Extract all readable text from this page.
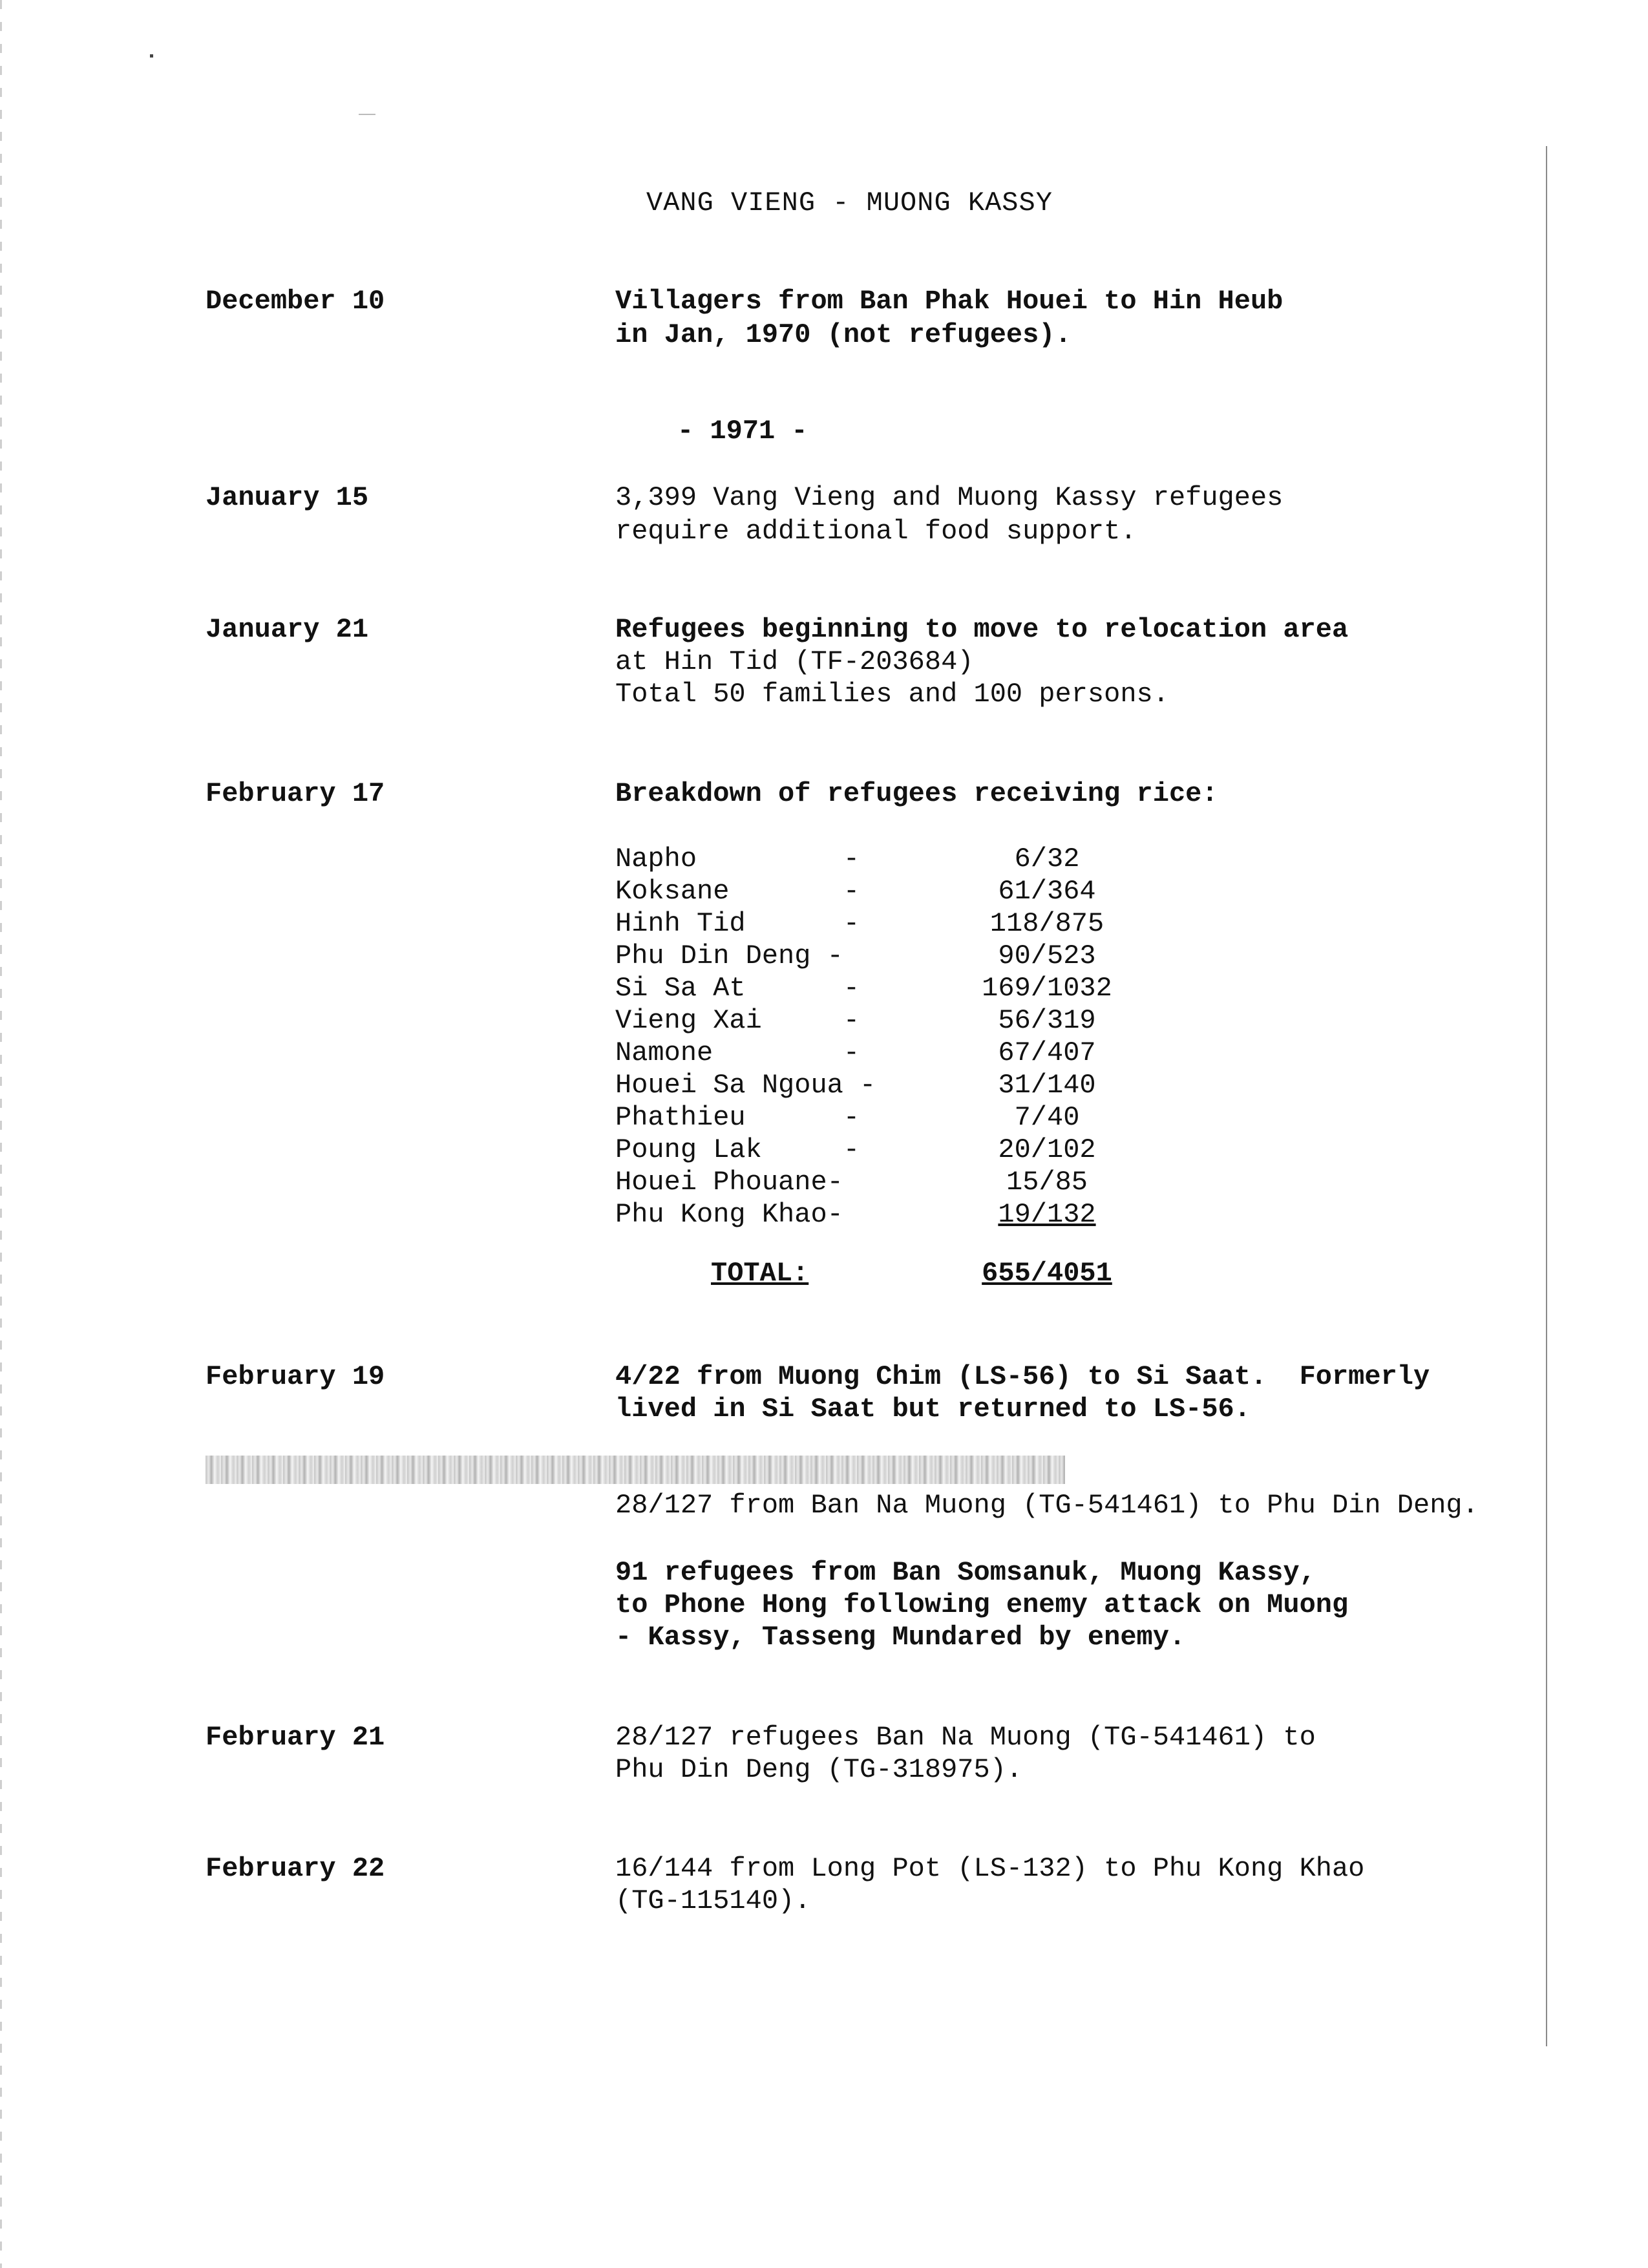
VANG VIENG - MUONG KASSY
December 10	Villagers from Ban Phak Houei to Hin Heub
in Jan, 1970 (not refugees).
- 1971 -
January 15	3,399 Vang Vieng and Muong Kassy refugees
require additional food support.
January 21	Refugees beginning to move to relocation area
at Hin Tid (TF-203684)
Total 50 families and 100 persons.
February 17	Breakdown of refugees receiving rice:
Napho         -	6/32
Koksane       -	61/364
Hinh Tid      -	118/875
Phu Din Deng -	90/523
Si Sa At      -	169/1032
Vieng Xai     -	56/319
Namone        -	67/407
Houei Sa Ngoua -	31/140
Phathieu      -	7/40
Poung Lak     -	20/102
Houei Phouane-	15/85
Phu Kong Khao-	19/132
TOTAL:	655/4051
February 19	4/22 from Muong Chim (LS-56) to Si Saat.  Formerly
lived in Si Saat but returned to LS-56.
28/127 from Ban Na Muong (TG-541461) to Phu Din Deng.
91 refugees from Ban Somsanuk, Muong Kassy,
to Phone Hong following enemy attack on Muong
- Kassy, Tasseng Mundared by enemy.
February 21	28/127 refugees Ban Na Muong (TG-541461) to
Phu Din Deng (TG-318975).
February 22	16/144 from Long Pot (LS-132) to Phu Kong Khao
(TG-115140).
